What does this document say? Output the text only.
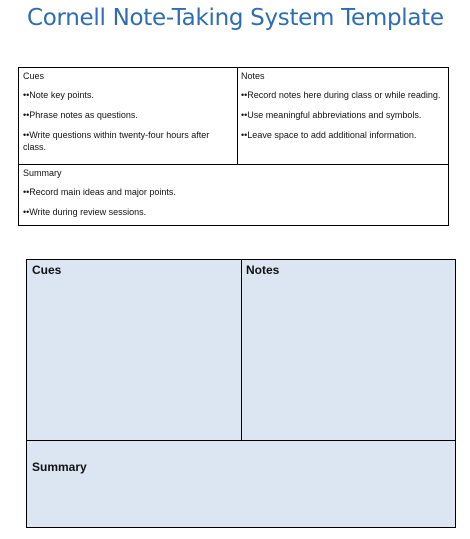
Cornell Note-Taking System Template
Cues
••Note key points.
••Phrase notes as questions.
••Write questions within twenty-four hours after class.
Notes
••Record notes here during class or while reading.
••Use meaningful abbreviations and symbols.
••Leave space to add additional information.
Summary
••Record main ideas and major points.
••Write during review sessions.
Cues	Notes
Summary
